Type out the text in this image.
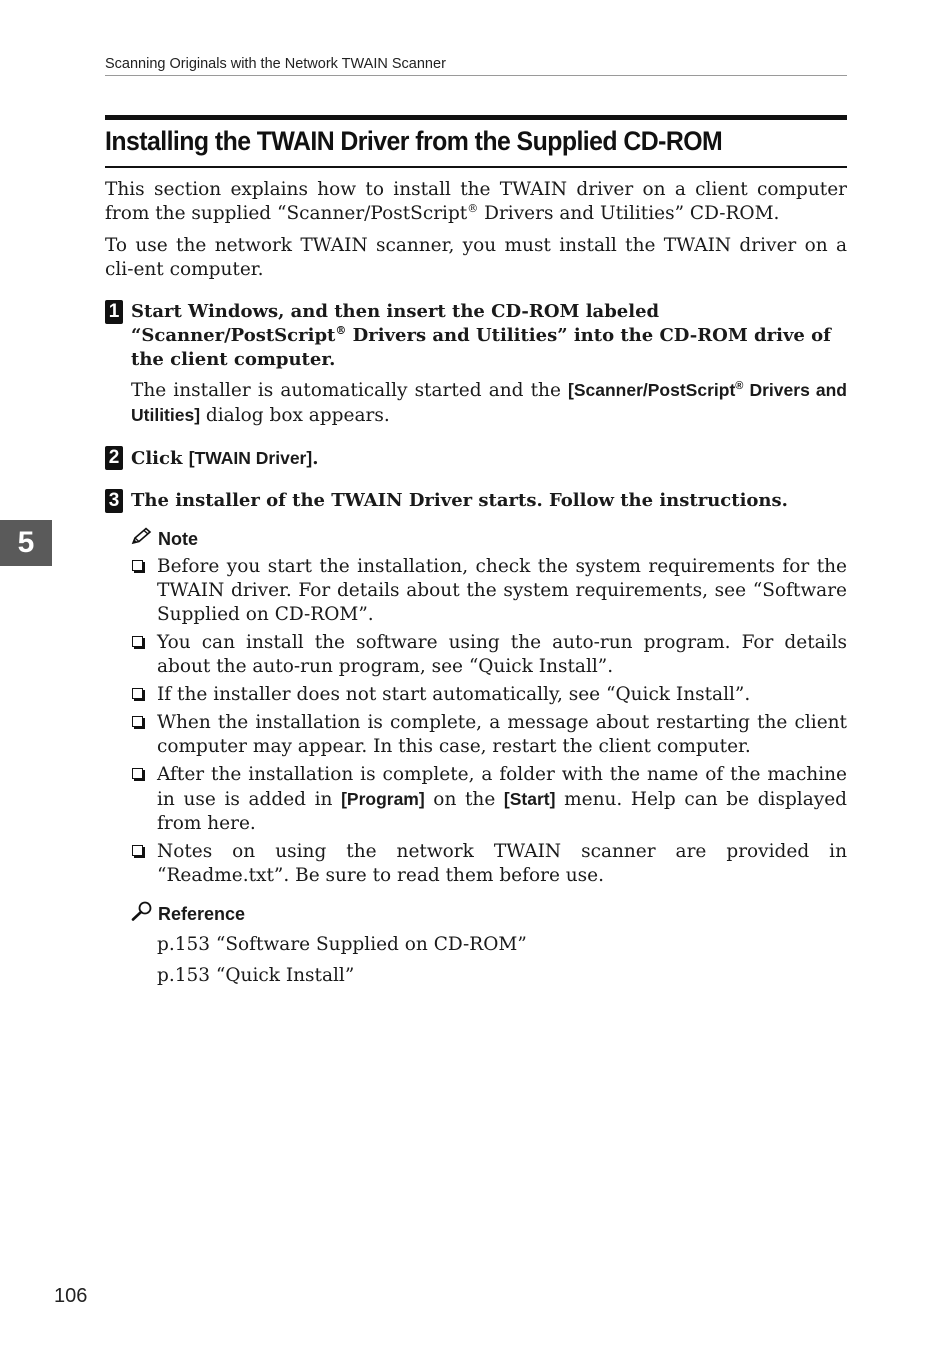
Scanning Originals with the Network TWAIN Scanner
Installing the TWAIN Driver from the Supplied CD-ROM
5

This section explains how to install the TWAIN driver on a client computer from the supplied “Scanner/PostScript® Drivers and Utilities” CD-ROM.

To use the network TWAIN scanner, you must install the TWAIN driver on a cli-ent computer.

1 Start Windows, and then insert the CD-ROM labeled “Scanner/PostScript® Drivers and Utilities” into the CD-ROM drive of the client computer.

The installer is automatically started and the [Scanner/PostScript® Drivers and Utilities] dialog box appears.

2 Click [TWAIN Driver].

3 The installer of the TWAIN Driver starts. Follow the instructions.

Note
Before you start the installation, check the system requirements for the TWAIN driver. For details about the system requirements, see “Software Supplied on CD-ROM”.
You can install the software using the auto-run program. For details about the auto-run program, see “Quick Install”.
If the installer does not start automatically, see “Quick Install”.
When the installation is complete, a message about restarting the client computer may appear. In this case, restart the client computer.
After the installation is complete, a folder with the name of the machine in use is added in [Program] on the [Start] menu. Help can be displayed from here.
Notes on using the network TWAIN scanner are provided in “Readme.txt”. Be sure to read them before use.
Reference

p.153 “Software Supplied on CD-ROM”

p.153 “Quick Install”

106
